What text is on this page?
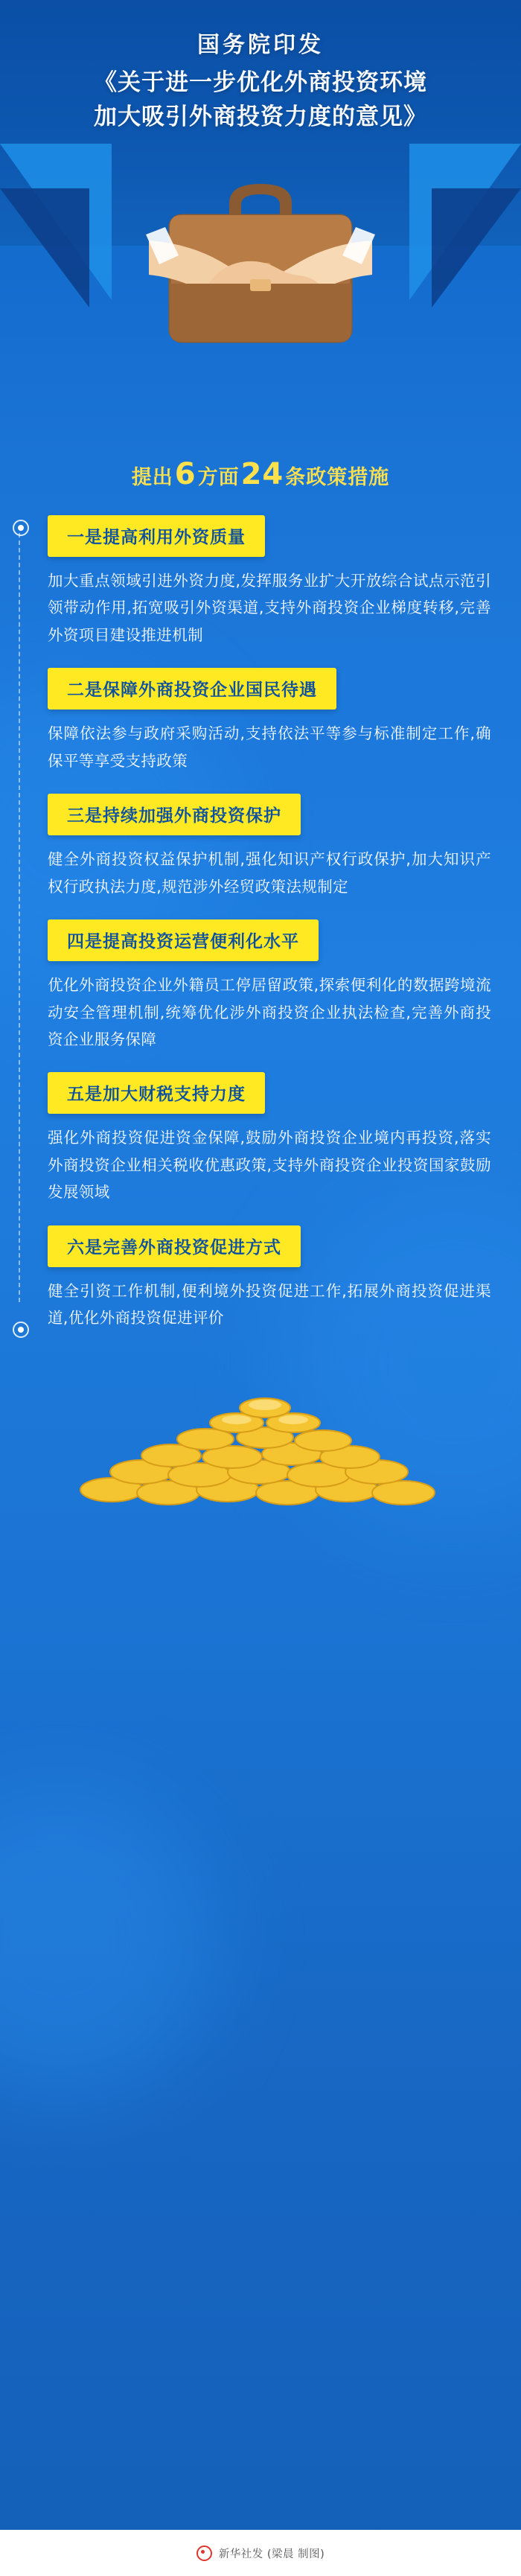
国务院印发
《关于进一步优化外商投资环境
加大吸引外商投资力度的意见》
提出6方面24条政策措施
一是提高利用外资质量
加大重点领域引进外资力度,发挥服务业扩大开放综合试点示范引领带动作用,拓宽吸引外资渠道,支持外商投资企业梯度转移,完善外资项目建设推进机制
二是保障外商投资企业国民待遇
保障依法参与政府采购活动,支持依法平等参与标准制定工作,确保平等享受支持政策
三是持续加强外商投资保护
健全外商投资权益保护机制,强化知识产权行政保护,加大知识产权行政执法力度,规范涉外经贸政策法规制定
四是提高投资运营便利化水平
优化外商投资企业外籍员工停居留政策,探索便利化的数据跨境流动安全管理机制,统筹优化涉外商投资企业执法检查,完善外商投资企业服务保障
五是加大财税支持力度
强化外商投资促进资金保障,鼓励外商投资企业境内再投资,落实外商投资企业相关税收优惠政策,支持外商投资企业投资国家鼓励发展领域
六是完善外商投资促进方式
健全引资工作机制,便利境外投资促进工作,拓展外商投资促进渠道,优化外商投资促进评价
新华社发 (梁晨 制图)
